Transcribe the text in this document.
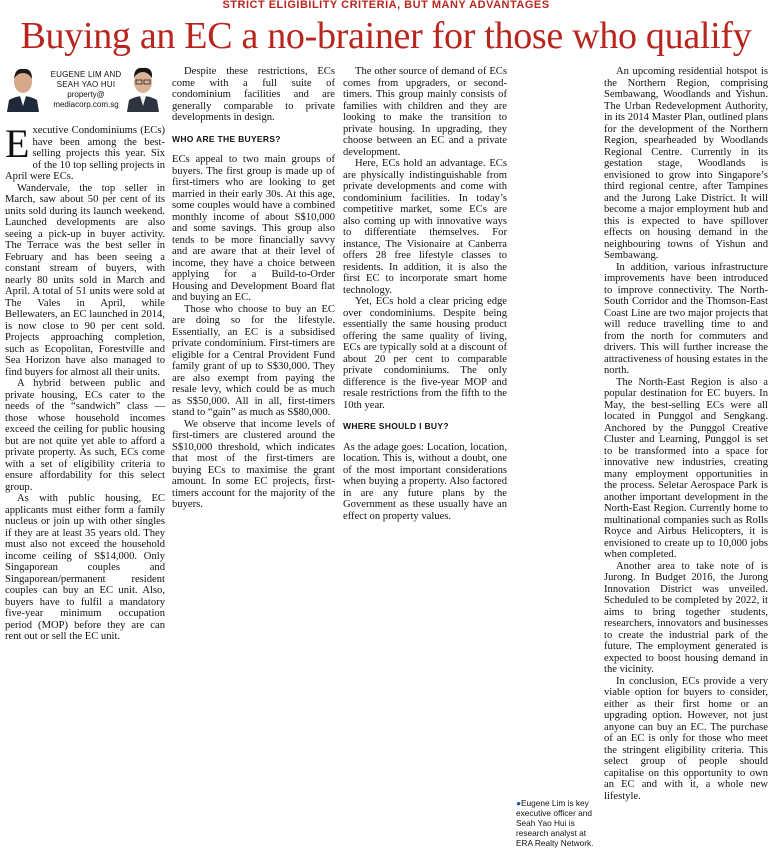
$^{STRICT ELIGIBILITY CRITERIA, BUT MANY ADVANTAGES}$
Buying an EC a no-brainer for those who qualify
EUGENE LIM AND SEAH YAO HUI
property@ mediacorp.com.sg

Executive Condominiums (ECs) have been among the best-selling projects this year. Six of the 10 top selling projects in April were ECs.

Wandervale, the top seller in March, saw about 50 per cent of its units sold during its launch weekend. Launched developments are also seeing a pick-up in buyer activity. The Terrace was the best seller in February and has been seeing a constant stream of buyers, with nearly 80 units sold in March and April. A total of 51 units were sold at The Vales in April, while Bellewaters, an EC launched in 2014, is now close to 90 per cent sold. Projects approaching completion, such as Ecopolitan, Forestville and Sea Horizon have also managed to find buyers for almost all their units.

A hybrid between public and private housing, ECs cater to the needs of the “sandwich” class — those whose household incomes exceed the ceiling for public housing but are not quite yet able to afford a private property. As such, ECs come with a set of eligibility criteria to ensure affordability for this select group.

As with public housing, EC applicants must either form a family nucleus or join up with other singles if they are at least 35 years old. They must also not exceed the household income ceiling of S$14,000. Only Singaporean couples and Singaporean/permanent resident couples can buy an EC unit. Also, buyers have to fulfil a mandatory five-year minimum occupation period (MOP) before they are can rent out or sell the EC unit.

Despite these restrictions, ECs come with a full suite of condominium facilities and are generally comparable to private developments in design.

WHO ARE THE BUYERS?

ECs appeal to two main groups of buyers. The first group is made up of first-timers who are looking to get married in their early 30s. At this age, some couples would have a combined monthly income of about S$10,000 and some savings. This group also tends to be more financially savvy and are aware that at their level of income, they have a choice between applying for a Build-to-Order Housing and Development Board flat and buying an EC.

Those who choose to buy an EC are doing so for the lifestyle. Essentially, an EC is a subsidised private condominium. First-timers are eligible for a Central Provident Fund family grant of up to S$30,000. They are also exempt from paying the resale levy, which could be as much as S$50,000. All in all, first-timers stand to “gain” as much as S$80,000.

We observe that income levels of first-timers are clustered around the S$10,000 threshold, which indicates that most of the first-timers are buying ECs to maximise the grant amount. In some EC projects, first-timers account for the majority of the buyers.

The other source of demand of ECs comes from upgraders, or second-timers. This group mainly consists of families with children and they are looking to make the transition to private housing. In upgrading, they choose between an EC and a private development.

Here, ECs hold an advantage. ECs are physically indistinguishable from private developments and come with condominium facilities. In today’s competitive market, some ECs are also coming up with innovative ways to differentiate themselves. For instance, The Visionaire at Canberra offers 28 free lifestyle classes to residents. In addition, it is also the first EC to incorporate smart home technology.

Yet, ECs hold a clear pricing edge over condominiums. Despite being essentially the same housing product offering the same quality of living, ECs are typically sold at a discount of about 20 per cent to comparable private condominiums. The only difference is the five-year MOP and resale restrictions from the fifth to the 10th year.

WHERE SHOULD I BUY?

As the adage goes: Location, location, location. This is, without a doubt, one of the most important considerations when buying a property. Also factored in are any future plans by the Government as these usually have an effect on property values.

An upcoming residential hotspot is the Northern Region, comprising Sembawang, Woodlands and Yishun. The Urban Redevelopment Authority, in its 2014 Master Plan, outlined plans for the development of the Northern Region, spearheaded by Woodlands Regional Centre. Currently in its gestation stage, Woodlands is envisioned to grow into Singapore’s third regional centre, after Tampines and the Jurong Lake District. It will become a major employment hub and this is expected to have spillover effects on housing demand in the neighbouring towns of Yishun and Sembawang.

In addition, various infrastructure improvements have been introduced to improve connectivity. The North-South Corridor and the Thomson-East Coast Line are two major projects that will reduce travelling time to and from the north for commuters and drivers. This will further increase the attractiveness of housing estates in the north.

The North-East Region is also a popular destination for EC buyers. In May, the best-selling ECs were all located in Punggol and Sengkang. Anchored by the Punggol Creative Cluster and Learning, Punggol is set to be transformed into a space for innovative new industries, creating many employment opportunities in the process. Seletar Aerospace Park is another important development in the North-East Region. Currently home to multinational companies such as Rolls Royce and Airbus Helicopters, it is envisioned to create up to 10,000 jobs when completed.

Another area to take note of is Jurong. In Budget 2016, the Jurong Innovation District was unveiled. Scheduled to be completed by 2022, it aims to bring together students, researchers, innovators and businesses to create the industrial park of the future. The employment generated is expected to boost housing demand in the vicinity.

In conclusion, ECs provide a very viable option for buyers to consider, either as their first home or an upgrading option. However, not just anyone can buy an EC. The purchase of an EC is only for those who meet the stringent eligibility criteria. This select group of people should capitalise on this opportunity to own an EC and with it, a whole new lifestyle.

●Eugene Lim is key executive officer and Seah Yao Hui is research analyst at ERA Realty Network.
